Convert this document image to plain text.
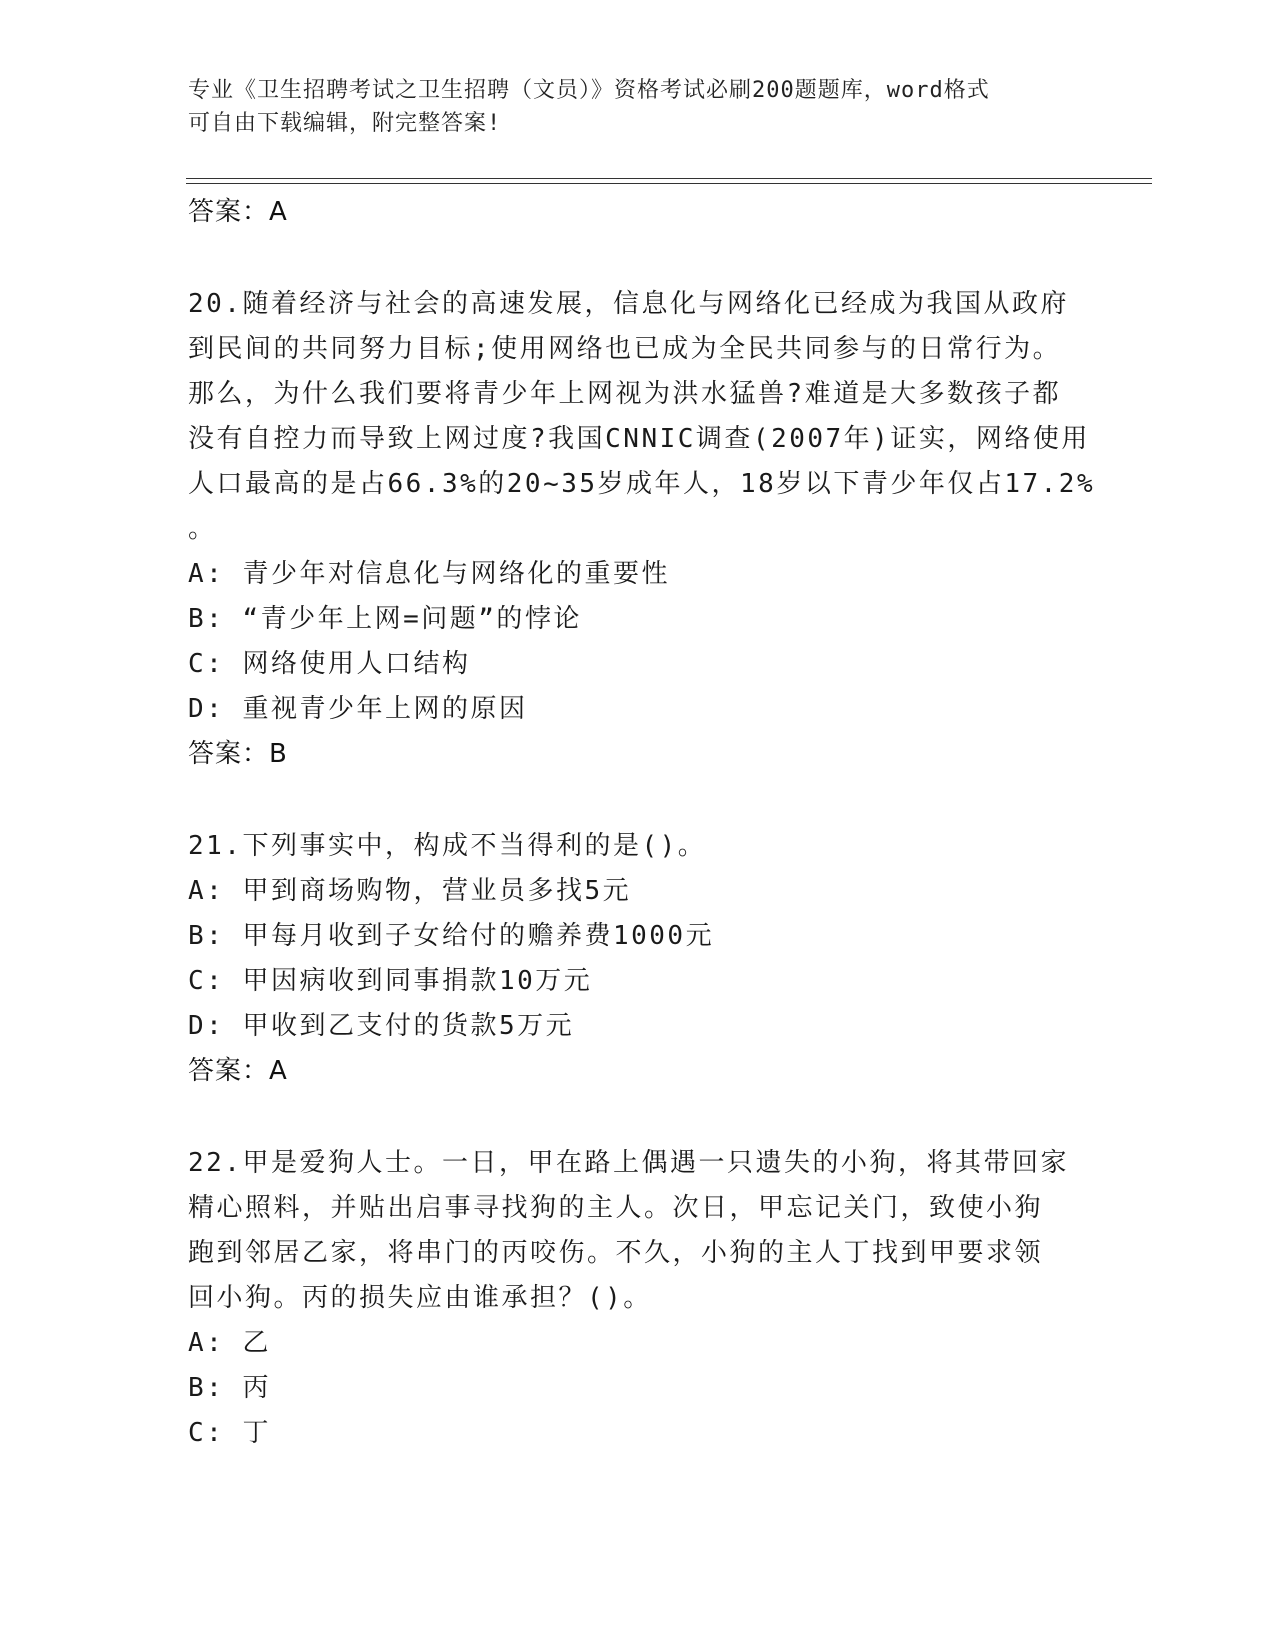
专业《卫生招聘考试之卫生招聘（文员）》资格考试必刷200题题库，word格式
可自由下载编辑，附完整答案!
答案：A
20.随着经济与社会的高速发展，信息化与网络化已经成为我国从政府
到民间的共同努力目标;使用网络也已成为全民共同参与的日常行为。
那么，为什么我们要将青少年上网视为洪水猛兽?难道是大多数孩子都
没有自控力而导致上网过度?我国CNNIC调查(2007年)证实，网络使用
人口最高的是占66.3%的20~35岁成年人，18岁以下青少年仅占17.2%
。
A: 青少年对信息化与网络化的重要性
B: “青少年上网=问题”的悖论
C: 网络使用人口结构
D: 重视青少年上网的原因
答案：B
21.下列事实中，构成不当得利的是()。
A: 甲到商场购物，营业员多找5元
B: 甲每月收到子女给付的赡养费1000元
C: 甲因病收到同事捐款10万元
D: 甲收到乙支付的货款5万元
答案：A
22.甲是爱狗人士。一日，甲在路上偶遇一只遗失的小狗，将其带回家
精心照料，并贴出启事寻找狗的主人。次日，甲忘记关门，致使小狗
跑到邻居乙家，将串门的丙咬伤。不久，小狗的主人丁找到甲要求领
回小狗。丙的损失应由谁承担？()。
A: 乙
B: 丙
C: 丁
